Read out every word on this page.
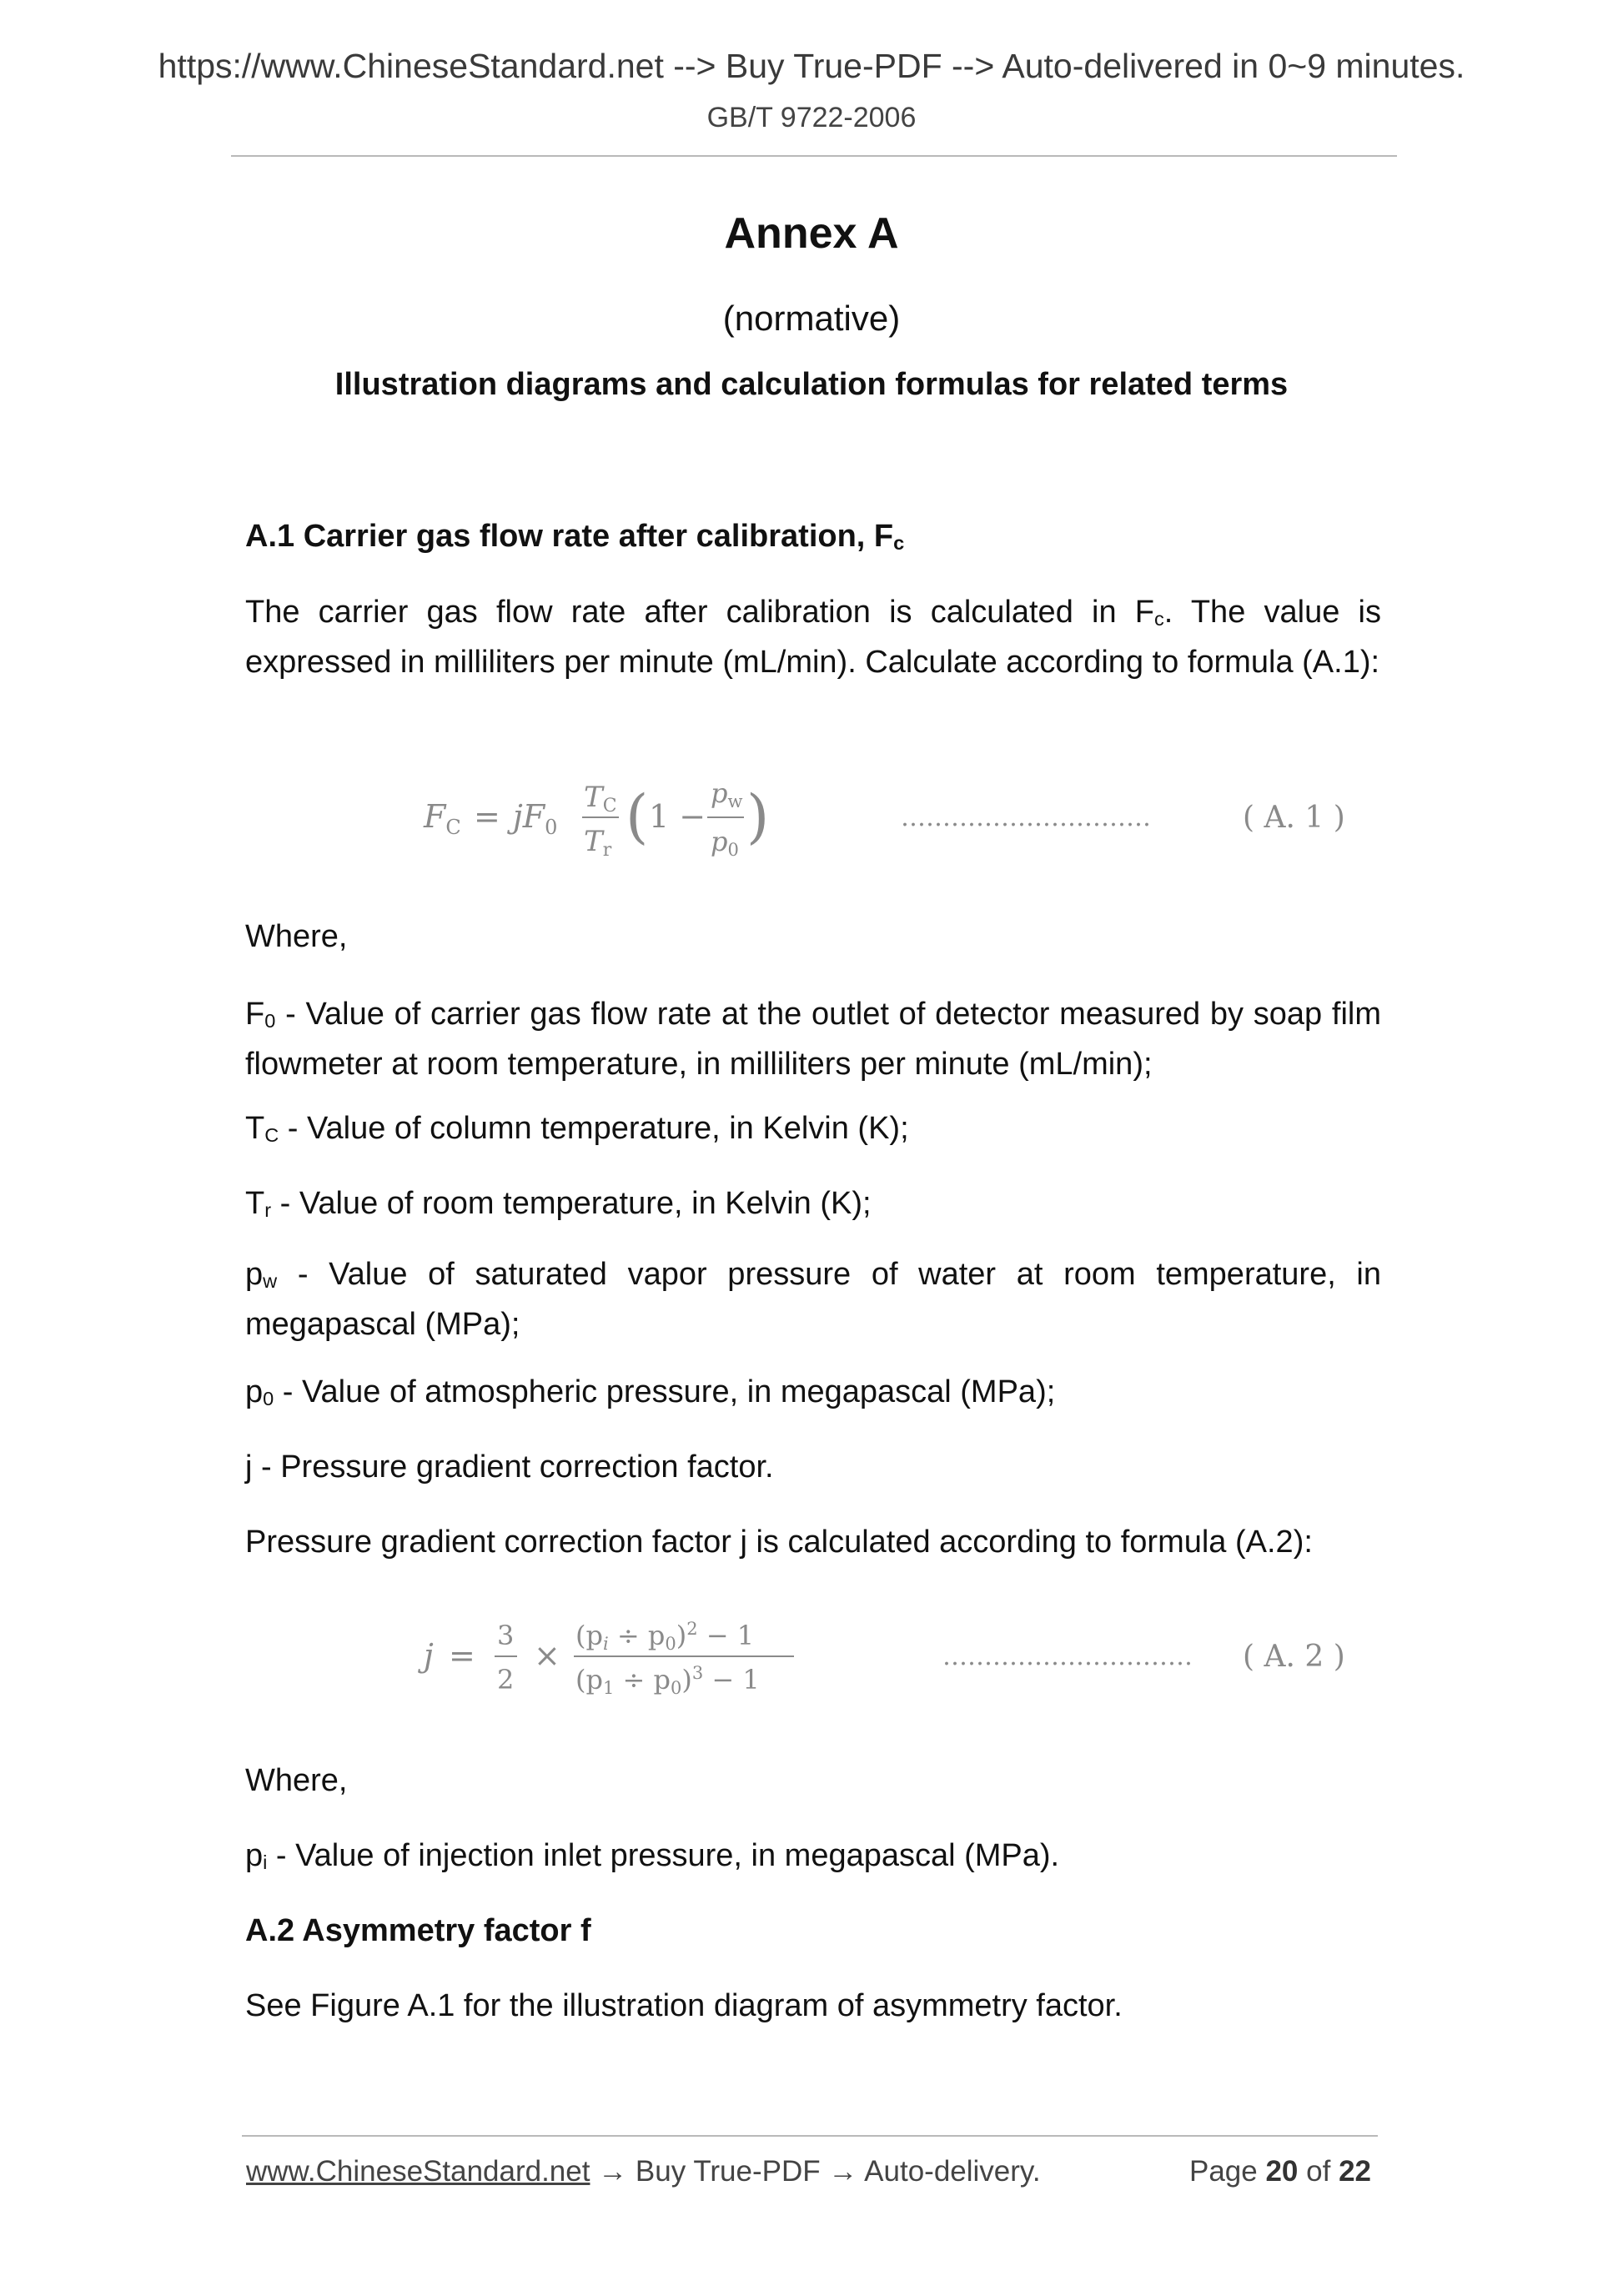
https://www.ChineseStandard.net --> Buy True-PDF --> Auto-delivered in 0~9 minutes.
GB/T 9722-2006
Annex A
(normative)
Illustration diagrams and calculation formulas for related terms
A.1 Carrier gas flow rate after calibration, $F_c$
The carrier gas flow rate after calibration is calculated in $F_c$. The value is expressed in milliliters per minute (mL/min). Calculate according to formula (A.1):
$F_C = jF_0$
TC
Tr ( 1 −
pw
p0 )	…………………………	( A. 1 )
Where,
$F_0$ - Value of carrier gas flow rate at the outlet of detector measured by soap film flowmeter at room temperature, in milliliters per minute (mL/min);
$T_C$ - Value of column temperature, in Kelvin (K);
$T_r$ - Value of room temperature, in Kelvin (K);
$p_w$ - Value of saturated vapor pressure of water at room temperature, in megapascal (MPa);
$p_0$ - Value of atmospheric pressure, in megapascal (MPa);
j - Pressure gradient correction factor.
Pressure gradient correction factor j is calculated according to formula (A.2):
j =
3
2
×
(pi ÷ p0)$^2$ − 1
$(p1 \div p0)^3 - 1$
………………………… ( A. 2 )
Where,
$p_i$ - Value of injection inlet pressure, in megapascal (MPa).
A.2 Asymmetry factor f
See Figure A.1 for the illustration diagram of asymmetry factor.
www.ChineseStandard.net → Buy True-PDF → Auto-delivery.	Page 20 of 22
